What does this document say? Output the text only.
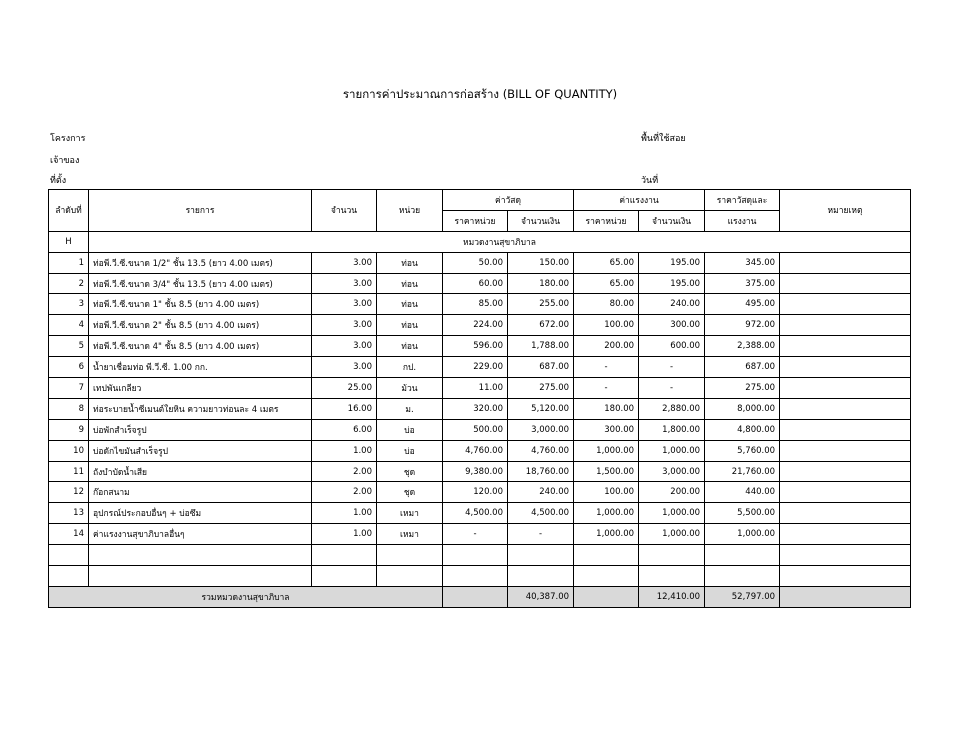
รายการค่าประมาณการก่อสร้าง (BILL OF QUANTITY)
โครงการ
เจ้าของ
ที่ตั้ง
พื้นที่ใช้สอย
วันที่
ลำดับที่	รายการ	จำนวน	หน่วย	ค่าวัสดุ		ค่าแรงงาน		ราคาวัสดุและ	หมายเหตุ
				ราคาหน่วย	จำนวนเงิน	ราคาหน่วย	จำนวนเงิน	แรงงาน	
H	หมวดงานสุขาภิบาล								
1	ท่อพี.วี.ซี.ขนาด 1/2" ชั้น 13.5 (ยาว 4.00 เมตร)	3.00	ท่อน	50.00	150.00	65.00	195.00	345.00	
2	ท่อพี.วี.ซี.ขนาด 3/4" ชั้น 13.5 (ยาว 4.00 เมตร)	3.00	ท่อน	60.00	180.00	65.00	195.00	375.00	
3	ท่อพี.วี.ซี.ขนาด 1" ชั้น 8.5 (ยาว 4.00 เมตร)	3.00	ท่อน	85.00	255.00	80.00	240.00	495.00	
4	ท่อพี.วี.ซี.ขนาด 2" ชั้น 8.5 (ยาว 4.00 เมตร)	3.00	ท่อน	224.00	672.00	100.00	300.00	972.00	
5	ท่อพี.วี.ซี.ขนาด 4" ชั้น 8.5 (ยาว 4.00 เมตร)	3.00	ท่อน	596.00	1,788.00	200.00	600.00	2,388.00	
6	น้ำยาเชื่อมท่อ พี.วี.ซี. 1.00 กก.	3.00	กป.	229.00	687.00	-	-	687.00	
7	เทปพันเกลียว	25.00	ม้วน	11.00	275.00	-	-	275.00	
8	ท่อระบายน้ำซีเมนต์ใยหิน ความยาวท่อนละ 4 เมตร	16.00	ม.	320.00	5,120.00	180.00	2,880.00	8,000.00	
9	บ่อพักสำเร็จรูป	6.00	บ่อ	500.00	3,000.00	300.00	1,800.00	4,800.00	
10	บ่อดักไขมันสำเร็จรูป	1.00	บ่อ	4,760.00	4,760.00	1,000.00	1,000.00	5,760.00	
11	ถังบำบัดน้ำเสีย	2.00	ชุด	9,380.00	18,760.00	1,500.00	3,000.00	21,760.00	
12	ก๊อกสนาม	2.00	ชุด	120.00	240.00	100.00	200.00	440.00	
13	อุปกรณ์ประกอบอื่นๆ + บ่อซึม	1.00	เหมา	4,500.00	4,500.00	1,000.00	1,000.00	5,500.00	
14	ค่าแรงงานสุขาภิบาลอื่นๆ	1.00	เหมา	-	-	1,000.00	1,000.00	1,000.00	

รวมหมวดงานสุขาภิบาล					40,387.00		12,410.00	52,797.00	
